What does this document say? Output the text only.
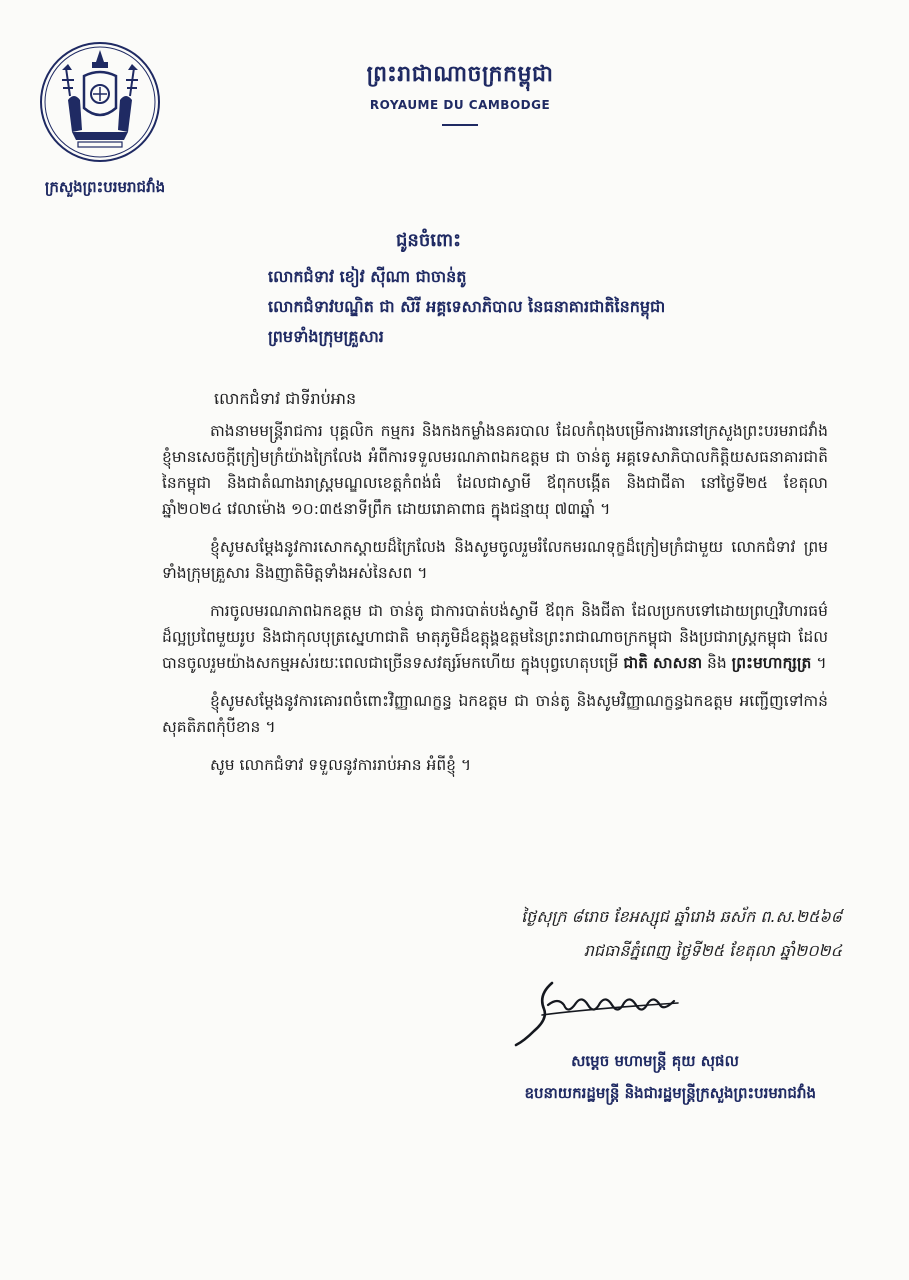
ក្រសួងព្រះបរមរាជវាំង
ព្រះរាជាណាចក្រកម្ពុជា
ROYAUME DU CAMBODGE
ជូនចំពោះ
លោកជំទាវ ខៀវ ស៊ីណា ជាចាន់តូ
លោកជំទាវបណ្ឌិត ជា សិរី អគ្គទេសាភិបាល នៃធនាគារជាតិនៃកម្ពុជា
ព្រមទាំងក្រុមគ្រួសារ
លោកជំទាវ ជាទីរាប់អាន

តាងនាមមន្ត្រីរាជការ បុគ្គលិក កម្មករ និងកងកម្លាំងនគរបាល ដែលកំពុងបម្រើការងារនៅក្រសួងព្រះបរមរាជវាំង ខ្ញុំមានសេចក្តីក្រៀមក្រំយ៉ាងក្រៃលែង អំពីការទទួលមរណភាពឯកឧត្តម ជា ចាន់តូ អគ្គទេសាភិបាលកិត្តិយសធនាគារជាតិនៃកម្ពុជា និងជាតំណាងរាស្ត្រមណ្ឌលខេត្តកំពង់ធំ ដែលជាស្វាមី ឪពុកបង្កើត និងជាជីតា នៅថ្ងៃទី២៥ ខែតុលា ឆ្នាំ២០២៤ វេលាម៉ោង ១០:៣៥នាទីព្រឹក ដោយរោគាពាធ ក្នុងជន្មាយុ ៧៣ឆ្នាំ ។

ខ្ញុំសូមសម្តែងនូវការសោកស្តាយដ៏ក្រៃលែង និងសូមចូលរួមរំលែកមរណទុក្ខដ៏ក្រៀមក្រំជាមួយ លោកជំទាវ ព្រមទាំងក្រុមគ្រួសារ និងញាតិមិត្តទាំងអស់នៃសព ។

ការចូលមរណភាពឯកឧត្តម ជា ចាន់តូ ជាការបាត់បង់ស្វាមី ឪពុក និងជីតា ដែលប្រកបទៅដោយព្រហ្មវិហារធម៌ដ៏ល្អប្រពៃមួយរូប និងជាកុលបុត្រស្នេហាជាតិ មាតុភូមិដ៏ឧត្តុង្គឧត្តមនៃព្រះរាជាណាចក្រកម្ពុជា និងប្រជារាស្ត្រកម្ពុជា ដែលបានចូលរួមយ៉ាងសកម្មអស់រយៈពេលជាច្រើនទសវត្សរ៍មកហើយ ក្នុងបុព្វហេតុបម្រើ ជាតិ សាសនា និង ព្រះមហាក្សត្រ ។

ខ្ញុំសូមសម្តែងនូវការគោរពចំពោះវិញ្ញាណក្ខន្ធ ឯកឧត្តម ជា ចាន់តូ និងសូមវិញ្ញាណក្ខន្ធឯកឧត្តម អញ្ជើញទៅកាន់សុគតិភពកុំបីខាន ។

សូម លោកជំទាវ ទទួលនូវការរាប់អាន អំពីខ្ញុំ ។

ថ្ងៃសុក្រ ៨រោច ខែអស្សុជ ឆ្នាំរោង ឆស័ក ព.ស.២៥៦៨
រាជធានីភ្នំពេញ ថ្ងៃទី២៥ ខែតុលា ឆ្នាំ២០២៤
សម្តេច មហាមន្ត្រី គុយ សុផល
ឧបនាយករដ្ឋមន្ត្រី និងជារដ្ឋមន្ត្រីក្រសួងព្រះបរមរាជវាំង
